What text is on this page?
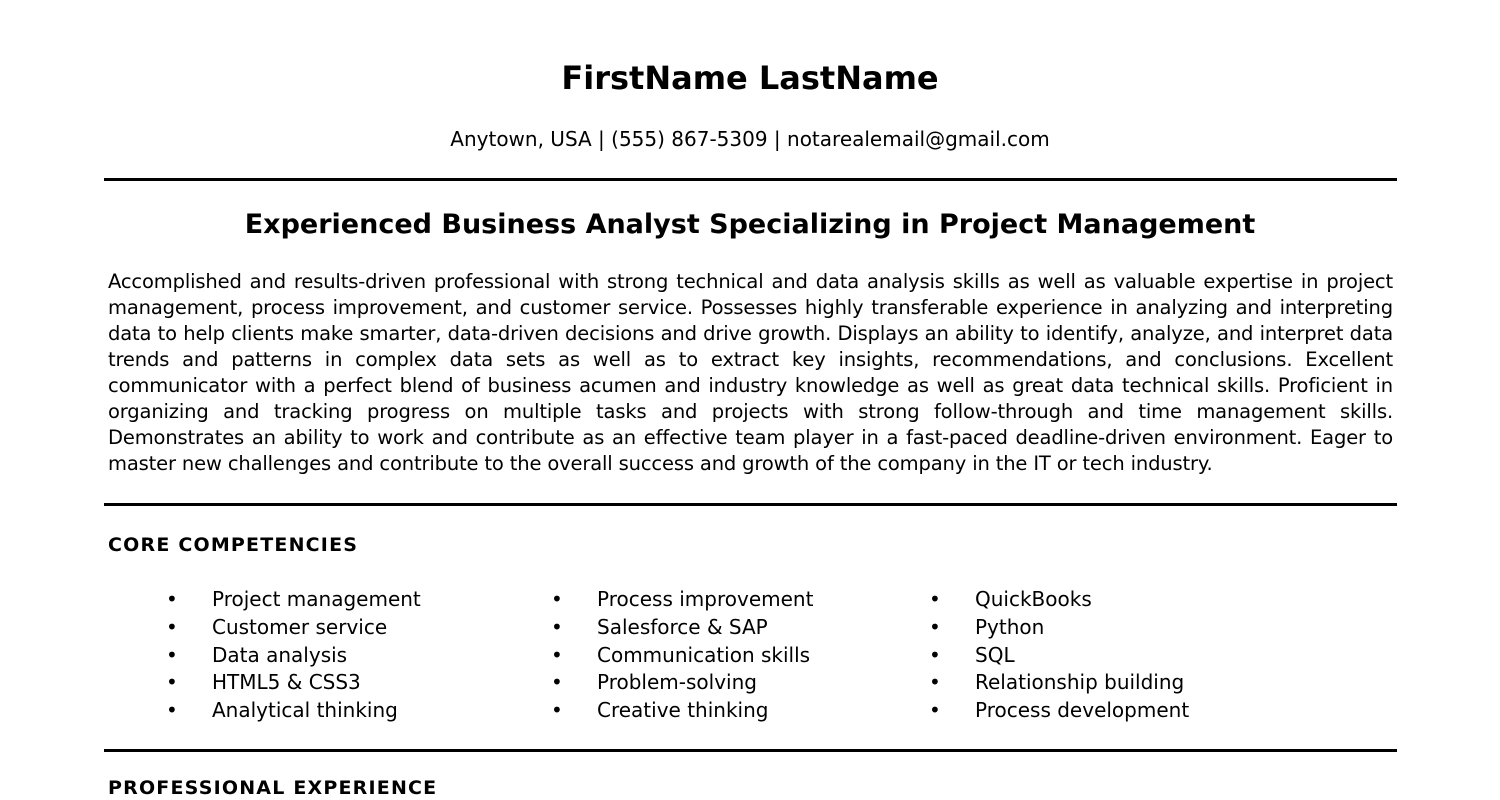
FirstName LastName
Anytown, USA | (555) 867-5309 | notarealemail@gmail.com
Experienced Business Analyst Specializing in Project Management

Accomplished and results-driven professional with strong technical and data analysis skills as well as valuable expertise in project management, process improvement, and customer service. Possesses highly transferable experience in analyzing and interpreting data to help clients make smarter, data-driven decisions and drive growth. Displays an ability to identify, analyze, and interpret data trends and patterns in complex data sets as well as to extract key insights, recommendations, and conclusions. Excellent communicator with a perfect blend of business acumen and industry knowledge as well as great data technical skills. Proficient in organizing and tracking progress on multiple tasks and projects with strong follow-through and time management skills. Demonstrates an ability to work and contribute as an effective team player in a fast-paced deadline-driven environment. Eager to master new challenges and contribute to the overall success and growth of the company in the IT or tech industry.

CORE COMPETENCIES
• Project management
• Customer service
• Data analysis
• HTML5 & CSS3
• Analytical thinking
• Process improvement
• Salesforce & SAP
• Communication skills
• Problem-solving
• Creative thinking
• QuickBooks
• Python
• SQL
• Relationship building
• Process development
PROFESSIONAL EXPERIENCE
